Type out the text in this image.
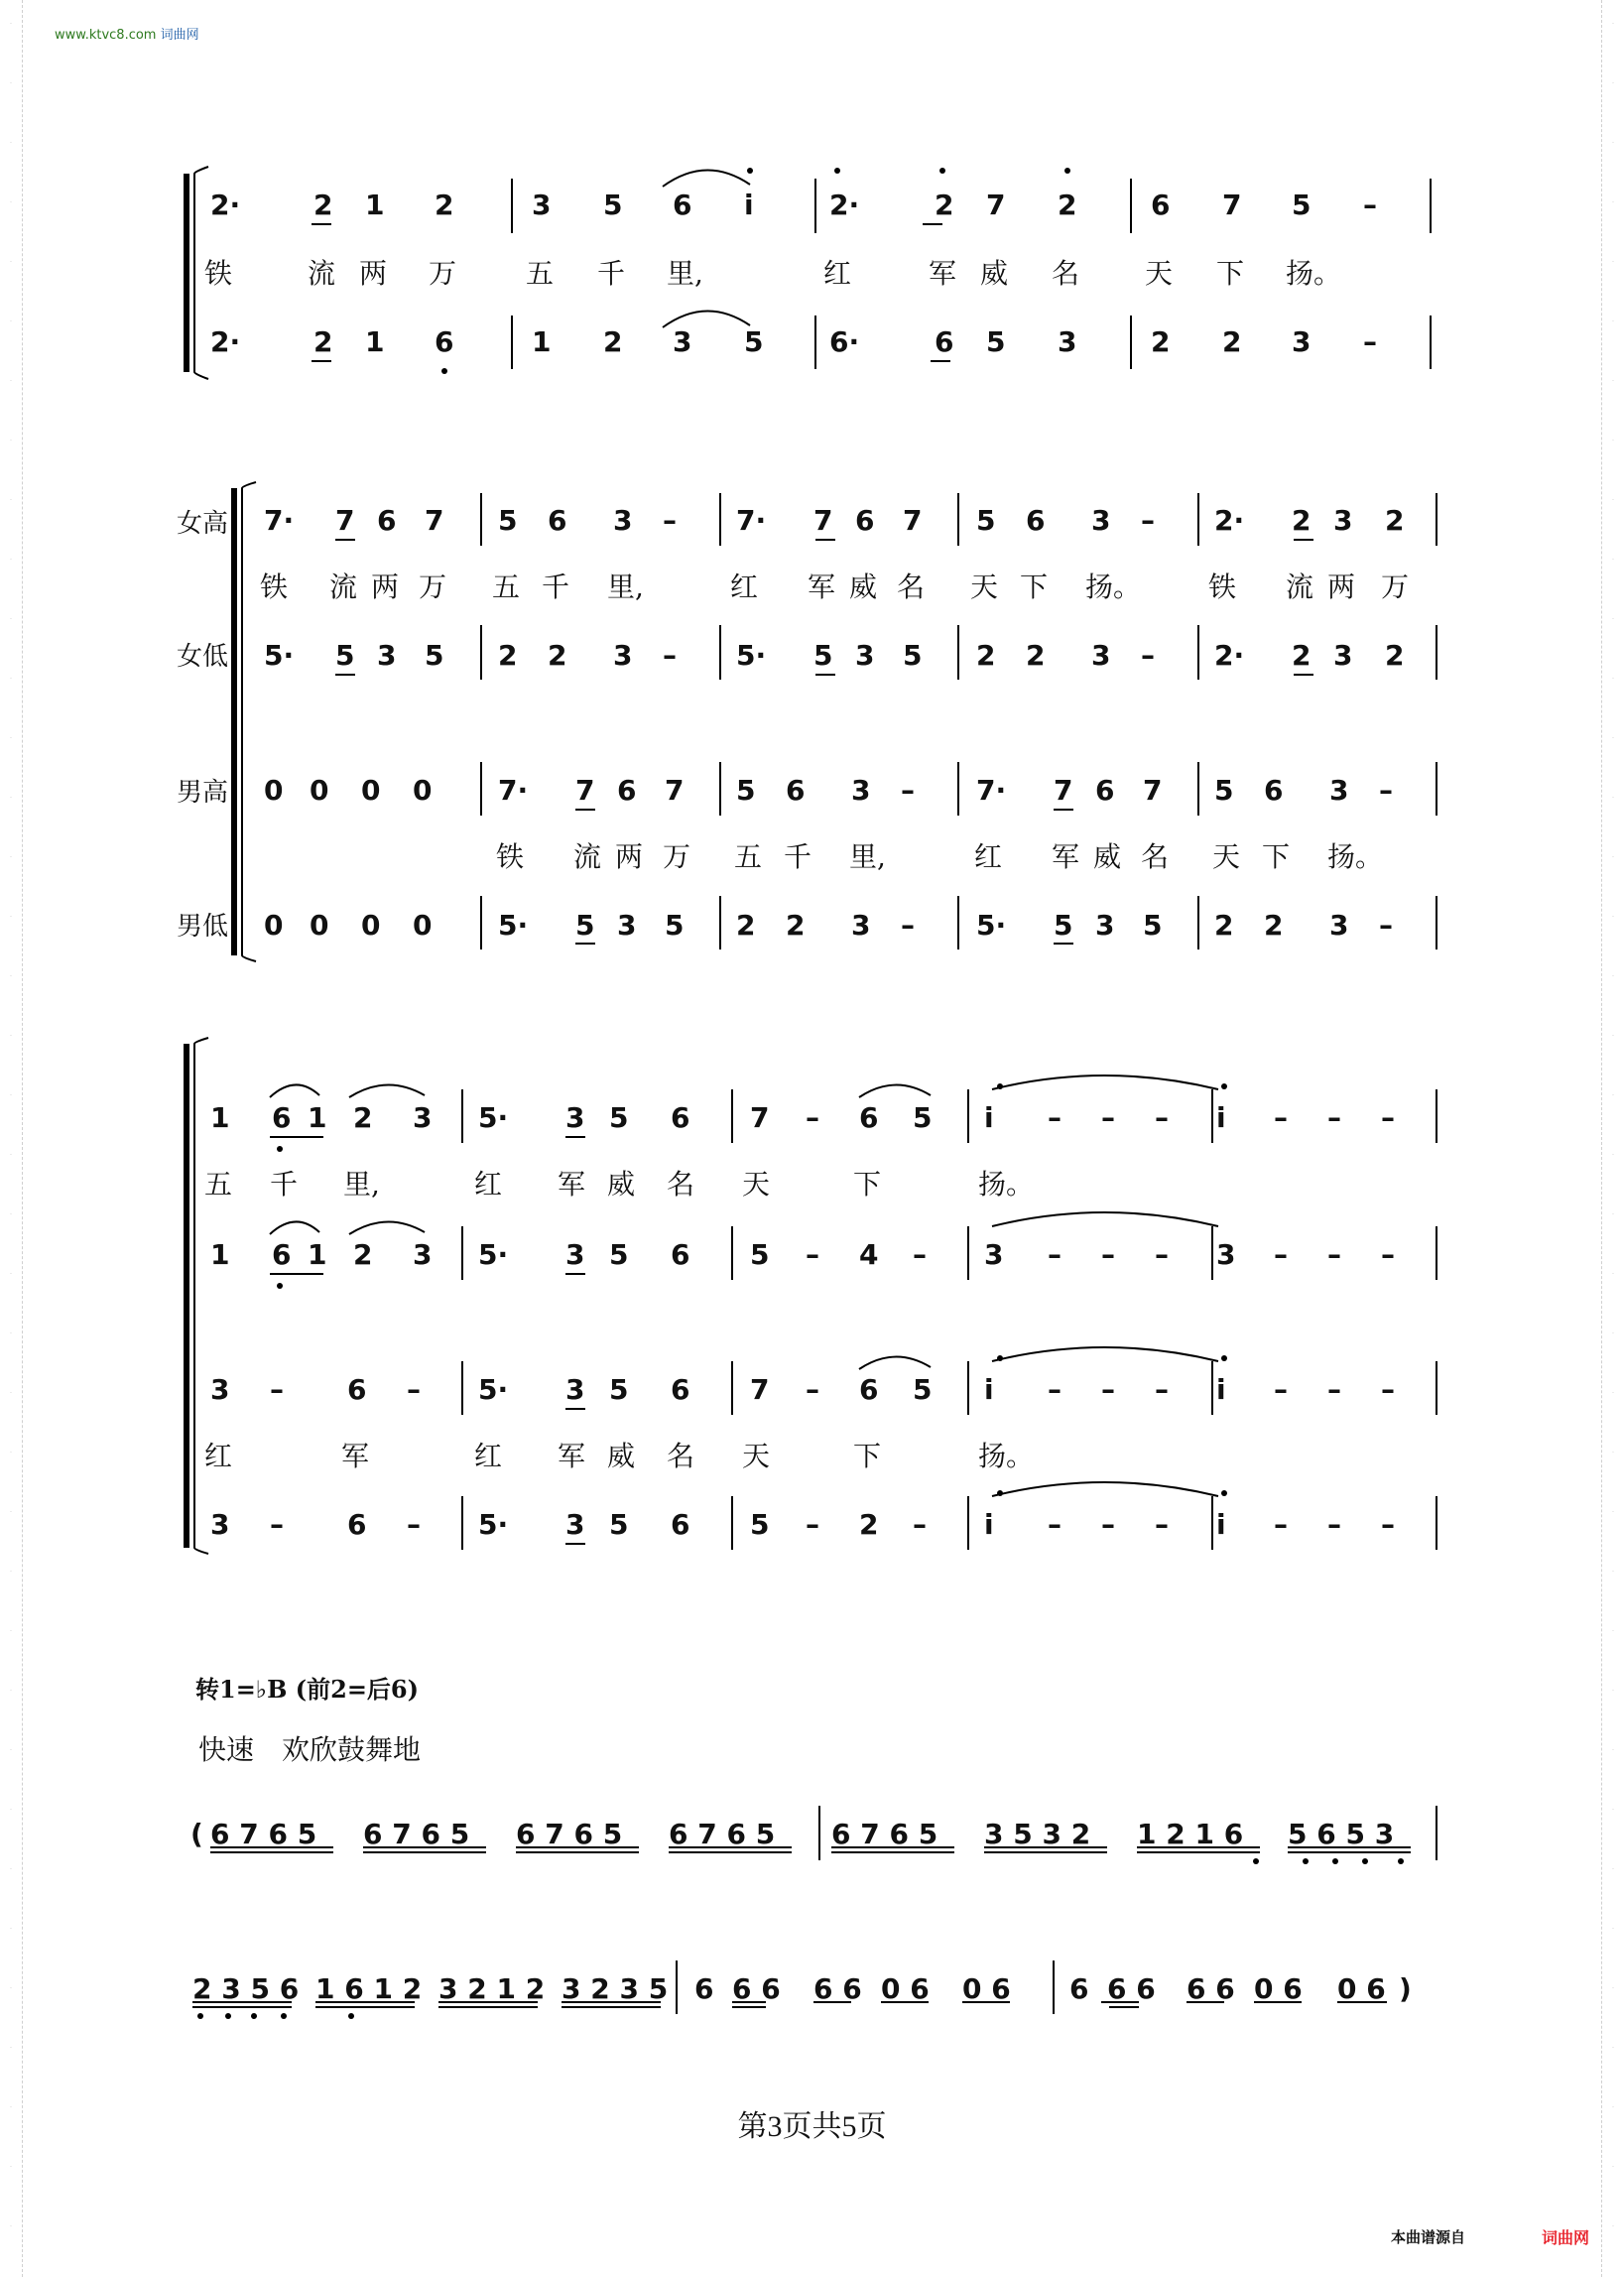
·
·
·
·
·
·
·
·
·
·
·
·
·
·
·
·
·
·
·
·
·
·
·
·
·
·
·
·
·
·
·
·
·
·
·
·
·
·
·
·
·
·
·
·
·
·
·
·
·
·
·
·
·
·
·
·
·
·
·
·
·
·
·
·
·
·
·
·
·
·
·
·
·
·
·
·
www.ktvc8.com 词曲网
2·	2 1 2	3 5 6 i	2·	2 7 2	6 7 5 –
铁	流 两 万 五 千 里,	红	军 威 名 天 下 扬。
2·	2 1 6	1 2 3 5 6·	6 5 3	2 2 3 –
女高
女低
男高
男低
7· 7 6 7 5 6 3 – 7· 7 6 7 5 6 3 – 2· 2 3 2
铁 流 两 万 五 千 里,	红 军 威 名 天 下 扬。 铁 流 两 万
5· 5 3 5 2 2 3 – 5· 5 3 5 2 2 3 – 2· 2 3 2
0 0 0 0 7· 7 6 7 5 6 3 – 7· 7 6 7 5 6 3 –
铁 流 两 万 五 千 里,	红 军 威 名 天 下 扬。
0 0 0 0 5· 5 3 5 2 2 3 – 5· 5 3 5 2 2 3 –
1 6 1 2 3 5· 3 5 6 7 – 6 5 i – – – i – – –
五 千 里,	红 军 威 名 天	下	扬。
1 6 1 2 3 5· 3 5 6 5 – 4 – 3 – – – 3 – – –
3 – 6 – 5· 3 5 6 7 – 6 5 i – – – i – – –
红	军	红 军 威 名 天	下	扬。
3 – 6 – 5· 3 5 6 5 – 2 – i – – – i – – –
转1=♭B (前2=后6)
快速　欢欣鼓舞地
( 6 7 6 5 6 7 6 5 6 7 6 5 6 7 6 5 6 7 6 5 3 5 3 2 1 2 1 6 5 6 5 3
2 3 5 6 1 6 1 2 3 2 1 2 3 2 3 5 6 6 6 6 6 0 6 0 6 6 6 6 6 6 0 6 0 6 )
第3页共5页
本曲谱源自	词曲网
